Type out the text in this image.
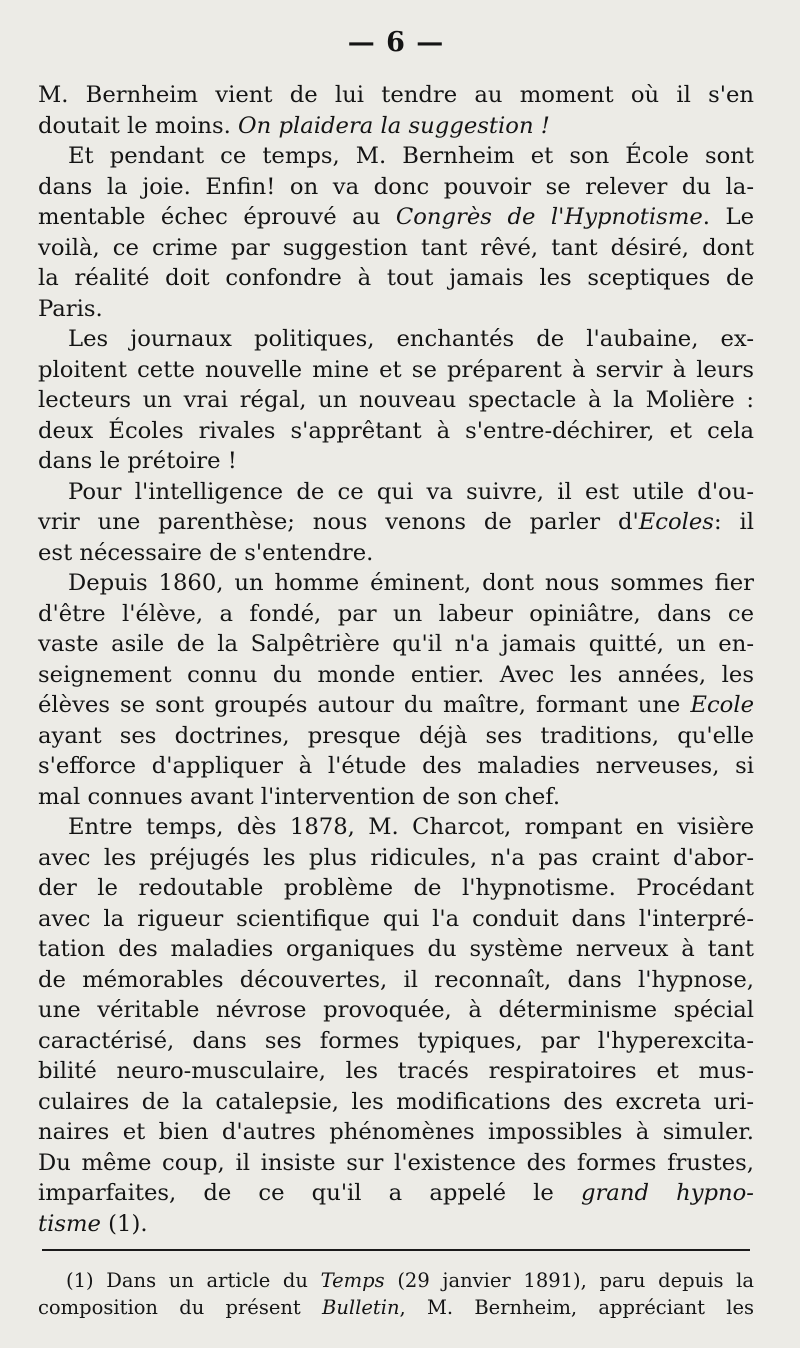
— 6 —
M. Bernheim vient de lui tendre au moment où il s'en
doutait le moins. On plaidera la suggestion !
Et pendant ce temps, M. Bernheim et son École sont
dans la joie. Enfin! on va donc pouvoir se relever du la-
mentable échec éprouvé au Congrès de l'Hypnotisme. Le
voilà, ce crime par suggestion tant rêvé, tant désiré, dont
la réalité doit confondre à tout jamais les sceptiques de
Paris.
Les journaux politiques, enchantés de l'aubaine, ex-
ploitent cette nouvelle mine et se préparent à servir à leurs
lecteurs un vrai régal, un nouveau spectacle à la Molière :
deux Écoles rivales s'apprêtant à s'entre-déchirer, et cela
dans le prétoire !
Pour l'intelligence de ce qui va suivre, il est utile d'ou-
vrir une parenthèse; nous venons de parler d'Ecoles: il
est nécessaire de s'entendre.
Depuis 1860, un homme éminent, dont nous sommes fier
d'être l'élève, a fondé, par un labeur opiniâtre, dans ce
vaste asile de la Salpêtrière qu'il n'a jamais quitté, un en-
seignement connu du monde entier. Avec les années, les
élèves se sont groupés autour du maître, formant une Ecole
ayant ses doctrines, presque déjà ses traditions, qu'elle
s'efforce d'appliquer à l'étude des maladies nerveuses, si
mal connues avant l'intervention de son chef.
Entre temps, dès 1878, M. Charcot, rompant en visière
avec les préjugés les plus ridicules, n'a pas craint d'abor-
der le redoutable problème de l'hypnotisme. Procédant
avec la rigueur scientifique qui l'a conduit dans l'interpré-
tation des maladies organiques du système nerveux à tant
de mémorables découvertes, il reconnaît, dans l'hypnose,
une véritable névrose provoquée, à déterminisme spécial
caractérisé, dans ses formes typiques, par l'hyperexcita-
bilité neuro-musculaire, les tracés respiratoires et mus-
culaires de la catalepsie, les modifications des excreta uri-
naires et bien d'autres phénomènes impossibles à simuler.
Du même coup, il insiste sur l'existence des formes frustes,
imparfaites, de ce qu'il a appelé le grand hypno-
tisme (1).
(1) Dans un article du Temps (29 janvier 1891), paru depuis la
composition du présent Bulletin, M. Bernheim, appréciant les
